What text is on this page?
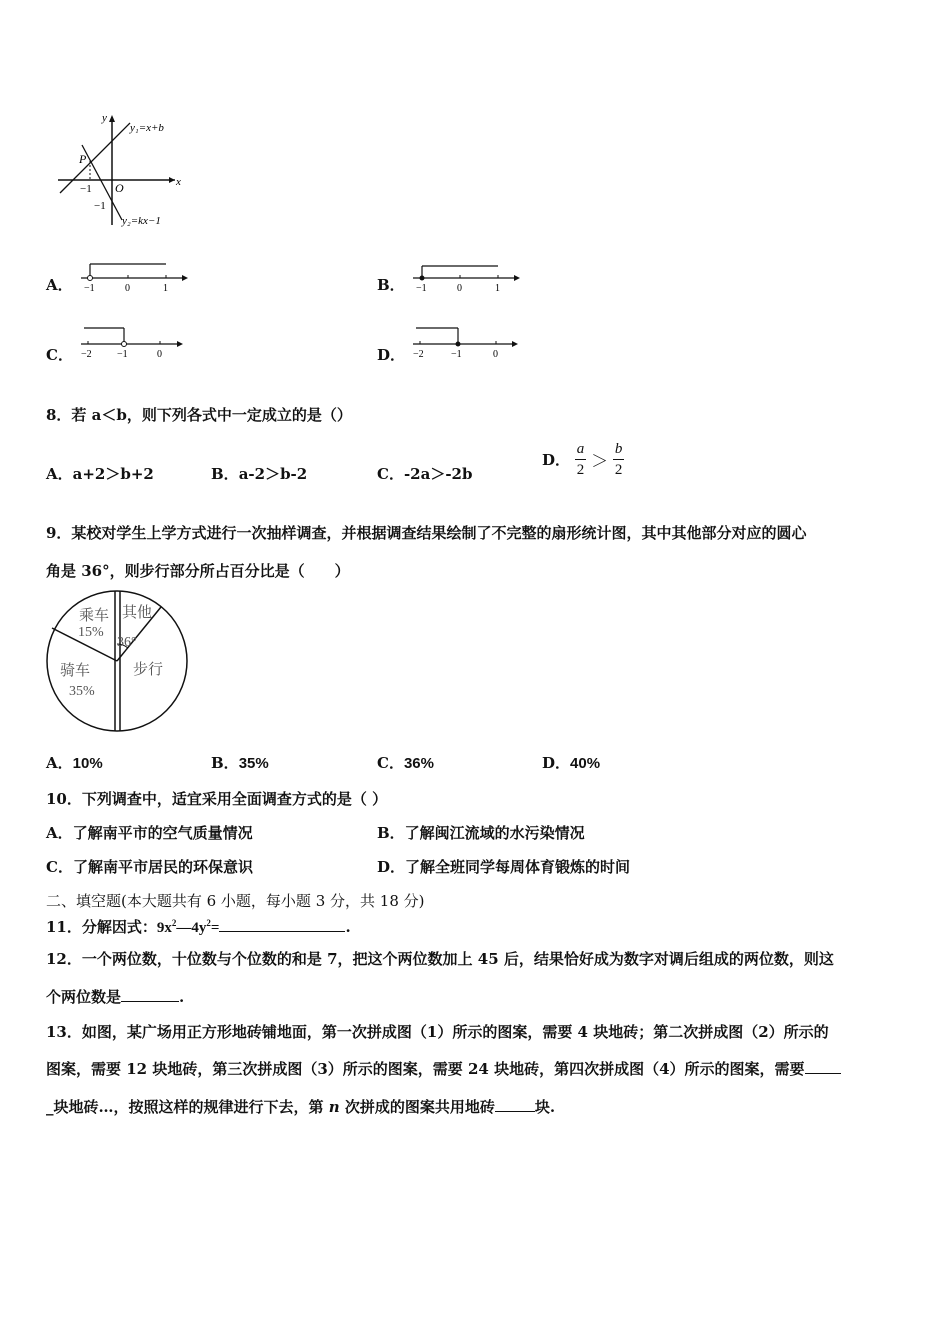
y
x
y₁=x+b
y₂=kx−1
P
O
−1
−1
A． −1	0	1	B． −1	0	1
C． −2	−1	0	D． −2	−1	0
8．若 a＜b，则下列各式中一定成立的是（）
A．a+2＞b+2	B．a-2＞b-2	C．-2a＞-2b
D． $\frac{a}{2} > \frac{b}{2}$
9．某校对学生上学方式进行一次抽样调查，并根据调查结果绘制了不完整的扇形统计图，其中其他部分对应的圆心
角是 36°，则步行部分所占百分比是（　　）
乘车
15%
其他
36°
骑车
35%
步行
A．10%	B．35%	C．36%	D．40%
10．下列调查中，适宜采用全面调查方式的是（ ）
A．了解南平市的空气质量情况	B．了解闽江流域的水污染情况
C．了解南平市居民的环保意识	D．了解全班同学每周体育锻炼的时间
二、填空题(本大题共有 6 小题，每小题 3 分，共 18 分)
11．分解因式：$9x^2—4y^2=$	.
12．一个两位数，十位数与个位数的和是 7，把这个两位数加上 45 后，结果恰好成为数字对调后组成的两位数，则这
个两位数是	.
13．如图，某广场用正方形地砖铺地面，第一次拼成图（1）所示的图案，需要 4 块地砖；第二次拼成图（2）所示的
图案，需要 12 块地砖，第三次拼成图（3）所示的图案，需要 24 块地砖，第四次拼成图（4）所示的图案，需要
_块地砖…，按照这样的规律进行下去，第 n 次拼成的图案共用地砖	块.
